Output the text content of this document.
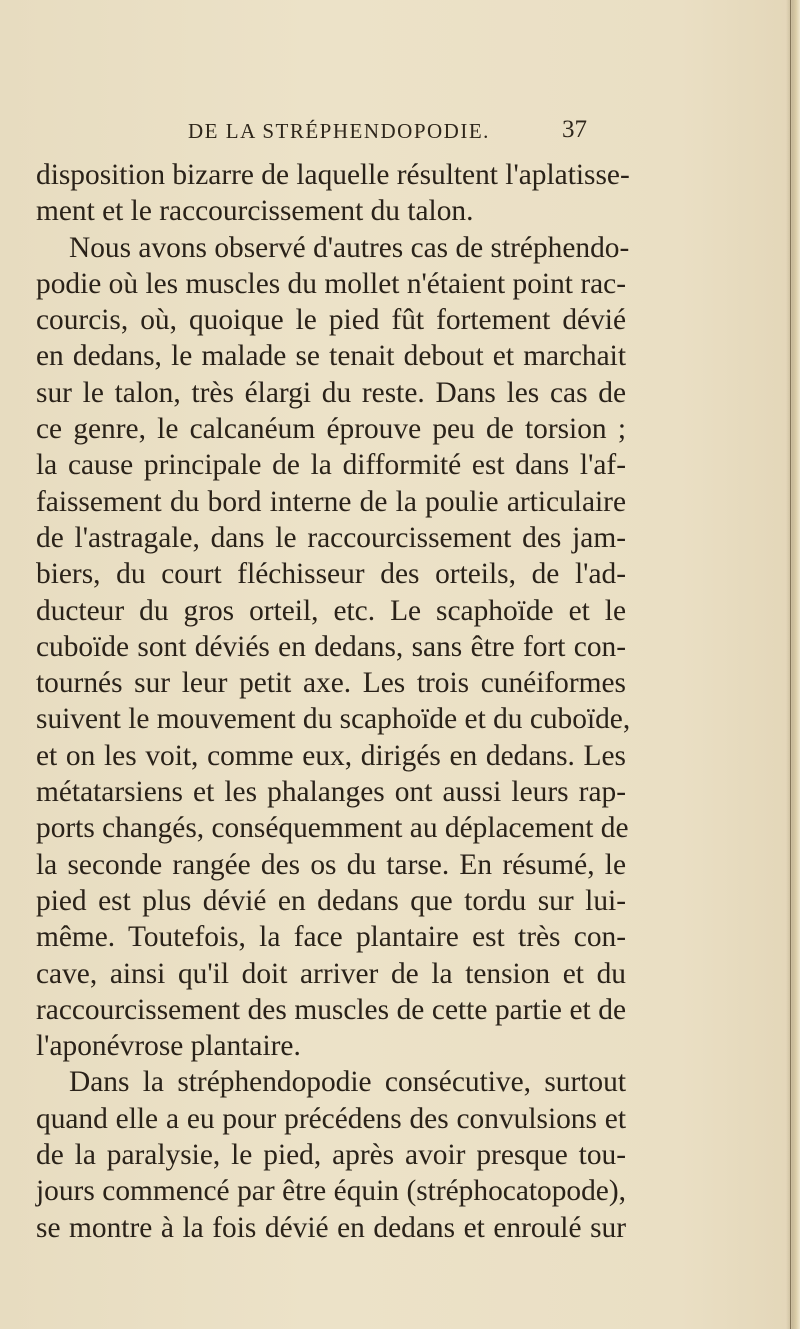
DE LA STRÉPHENDOPODIE.	37
disposition bizarre de laquelle résultent l'aplatisse-
ment et le raccourcissement du talon.
Nous avons observé d'autres cas de stréphendo-
podie où les muscles du mollet n'étaient point rac-
courcis, où, quoique le pied fût fortement dévié
en dedans, le malade se tenait debout et marchait
sur le talon, très élargi du reste. Dans les cas de
ce genre, le calcanéum éprouve peu de torsion ;
la cause principale de la difformité est dans l'af-
faissement du bord interne de la poulie articulaire
de l'astragale, dans le raccourcissement des jam-
biers, du court fléchisseur des orteils, de l'ad-
ducteur du gros orteil, etc. Le scaphoïde et le
cuboïde sont déviés en dedans, sans être fort con-
tournés sur leur petit axe. Les trois cunéiformes
suivent le mouvement du scaphoïde et du cuboïde,
et on les voit, comme eux, dirigés en dedans. Les
métatarsiens et les phalanges ont aussi leurs rap-
ports changés, conséquemment au déplacement de
la seconde rangée des os du tarse. En résumé, le
pied est plus dévié en dedans que tordu sur lui-
même. Toutefois, la face plantaire est très con-
cave, ainsi qu'il doit arriver de la tension et du
raccourcissement des muscles de cette partie et de
l'aponévrose plantaire.
Dans la stréphendopodie consécutive, surtout
quand elle a eu pour précédens des convulsions et
de la paralysie, le pied, après avoir presque tou-
jours commencé par être équin (stréphocatopode),
se montre à la fois dévié en dedans et enroulé sur
